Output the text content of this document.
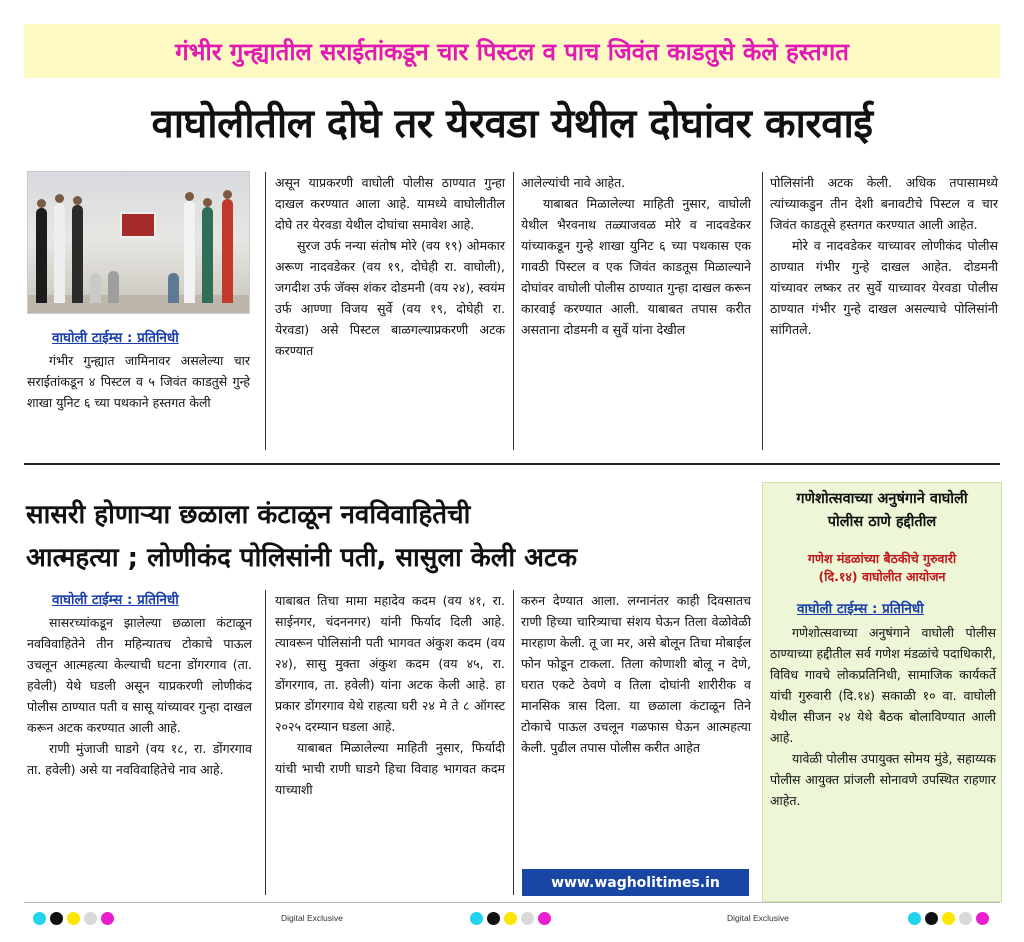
गंभीर गुन्ह्यातील सराईतांकडून चार पिस्टल व पाच जिवंत काडतुसे केले हस्तगत
वाघोलीतील दोघे तर येरवडा येथील दोघांवर कारवाई
वाघोली टाईम्स : प्रतिनिधी

गंभीर गुन्ह्यात जामिनावर असलेल्या चार सराईतांकडून ४ पिस्टल व ५ जिवंत काडतुसे गुन्हे शाखा युनिट ६ च्या पथकाने हस्तगत केली

असून याप्रकरणी वाघोली पोलीस ठाण्यात गुन्हा दाखल करण्यात आला आहे. यामध्ये वाघोलीतील दोघे तर येरवडा येथील दोघांचा समावेश आहे.

सुरज उर्फ नन्या संतोष मोरे (वय १९) ओमकार अरूण नादवडेकर (वय १९, दोघेही रा. वाघोली), जगदीश उर्फ जॅक्स शंकर दोडमनी (वय २४), स्वयंम उर्फ आण्णा विजय सुर्वे (वय १९, दोघेही रा. येरवडा) असे पिस्टल बाळगल्याप्रकरणी अटक करण्यात

आलेल्यांची नावे आहेत.

याबाबत मिळालेल्या माहिती नुसार, वाघोली येथील भैरवनाथ तळ्याजवळ मोरे व नादवडेकर यांच्याकडून गुन्हे शाखा युनिट ६ च्या पथकास एक गावठी पिस्टल व एक जिवंत काडतूस मिळाल्याने दोघांवर वाघोली पोलीस ठाण्यात गुन्हा दाखल करून कारवाई करण्यात आली. याबाबत तपास करीत असताना दोडमनी व सुर्वे यांना देखील

पोलिसांनी अटक केली. अधिक तपासामध्ये त्यांच्याकडुन तीन देशी बनावटीचे पिस्टल व चार जिवंत काडतूसे हस्तगत करण्यात आली आहेत.

मोरे व नादवडेकर याच्यावर लोणीकंद पोलीस ठाण्यात गंभीर गुन्हे दाखल आहेत. दोडमनी यांच्यावर लष्कर तर सुर्वे याच्यावर येरवडा पोलीस ठाण्यात गंभीर गुन्हे दाखल असल्याचे पोलिसांनी सांगितले.

सासरी होणाऱ्या छळाला कंटाळून नवविवाहितेची
आत्महत्या ; लोणीकंद पोलिसांनी पती, सासुला केली अटक
वाघोली टाईम्स : प्रतिनिधी

सासरच्यांकडून झालेल्या छळाला कंटाळून नवविवाहितेने तीन महिन्यातच टोकाचे पाऊल उचलून आत्महत्या केल्याची घटना डोंगरगाव (ता. हवेली) येथे घडली असून याप्रकरणी लोणीकंद पोलीस ठाण्यात पती व सासू यांच्यावर गुन्हा दाखल करून अटक करण्यात आली आहे.

राणी मुंजाजी घाडगे (वय १८, रा. डोंगरगाव ता. हवेली) असे या नवविवाहितेचे नाव आहे.

याबाबत तिचा मामा महादेव कदम (वय ४१, रा. साईनगर, चंदननगर) यांनी फिर्याद दिली आहे. त्यावरून पोलिसांनी पती भागवत अंकुश कदम (वय २४), सासु मुक्ता अंकुश कदम (वय ४५, रा. डोंगरगाव, ता. हवेली) यांना अटक केली आहे. हा प्रकार डोंगरगाव येथे राहत्या घरी २४ मे ते ८ ऑगस्ट २०२५ दरम्यान घडला आहे.

याबाबत मिळालेल्या माहिती नुसार, फिर्यादी यांची भाची राणी घाडगे हिचा विवाह भागवत कदम याच्याशी

करुन देण्यात आला. लग्नानंतर काही दिवसातच राणी हिच्या चारित्र्याचा संशय घेऊन तिला वेळोवेळी मारहाण केली. तू जा मर, असे बोलून तिचा मोबाईल फोन फोडून टाकला. तिला कोणाशी बोलू न देणे, घरात एकटे ठेवणे व तिला दोघांनी शारीरीक व मानसिक त्रास दिला. या छळाला कंटाळून तिने टोकाचे पाऊल उचलून गळफास घेऊन आत्महत्या केली. पुढील तपास पोलीस करीत आहेत

www.wagholitimes.in
गणेशोत्सवाच्या अनुषंगाने वाघोली
पोलीस ठाणे हद्दीतील
गणेश मंडळांच्या बैठकीचे गुरुवारी
(दि.१४) वाघोलीत आयोजन
वाघोली टाईम्स : प्रतिनिधी

गणेशोत्सवाच्या अनुषंगाने वाघोली पोलीस ठाण्याच्या हद्दीतील सर्व गणेश मंडळांचे पदाधिकारी, विविध गावचे लोकप्रतिनिधी, सामाजिक कार्यकर्ते यांची गुरुवारी (दि.१४) सकाळी १० वा. वाघोली येथील सीजन २४ येथे बैठक बोलाविण्यात आली आहे.

यावेळी पोलीस उपायुक्त सोमय मुंडे, सहाय्यक पोलीस आयुक्त प्रांजली सोनावणे उपस्थित राहणार आहेत.

Digital Exclusive	Digital Exclusive
